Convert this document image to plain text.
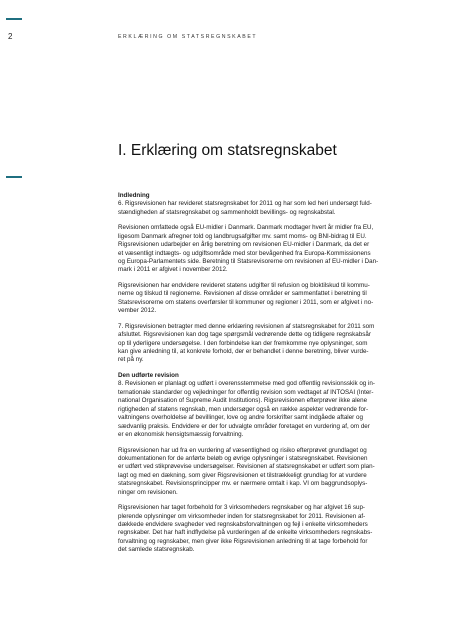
2	ERKLÆRING OM STATSREGNSKABET
I. Erklæring om statsregnskabet

Indledning
6. Rigsrevisionen har revideret statsregnskabet for 2011 og har som led heri undersøgt fuld-
stændigheden af statsregnskabet og sammenholdt bevillings- og regnskabstal.

Revisionen omfattede også EU-midler i Danmark. Danmark modtager hvert år midler fra EU,
ligesom Danmark afregner told og landbrugsafgifter mv. samt moms- og BNI-bidrag til EU.
Rigsrevisionen udarbejder en årlig beretning om revisionen EU-midler i Danmark, da det er
et væsentligt indtægts- og udgiftsområde med stor bevågenhed fra Europa-Kommissionens
og Europa-Parlamentets side. Beretning til Statsrevisorerne om revisionen af EU-midler i Dan-
mark i 2011 er afgivet i november 2012.

Rigsrevisionen har endvidere revideret statens udgifter til refusion og bloktilskud til kommu-
nerne og tilskud til regionerne. Revisionen af disse områder er sammenfattet i beretning til
Statsrevisorerne om statens overførsler til kommuner og regioner i 2011, som er afgivet i no-
vember 2012.

7. Rigsrevisionen betragter med denne erklæring revisionen af statsregnskabet for 2011 som
afsluttet. Rigsrevisionen kan dog tage spørgsmål vedrørende dette og tidligere regnskabsår
op til yderligere undersøgelse. I den forbindelse kan der fremkomme nye oplysninger, som
kan give anledning til, at konkrete forhold, der er behandlet i denne beretning, bliver vurde-
ret på ny.

Den udførte revision
8. Revisionen er planlagt og udført i overensstemmelse med god offentlig revisionsskik og in-
ternationale standarder og vejledninger for offentlig revision som vedtaget af INTOSAI (Inter-
national Organisation of Supreme Audit Institutions). Rigsrevisionen efterprøver ikke alene
rigtigheden af statens regnskab, men undersøger også en række aspekter vedrørende for-
valtningens overholdelse af bevillinger, love og andre forskrifter samt indgåede aftaler og
sædvanlig praksis. Endvidere er der for udvalgte områder foretaget en vurdering af, om der
er en økonomisk hensigtsmæssig forvaltning.

Rigsrevisionen har ud fra en vurdering af væsentlighed og risiko efterprøvet grundlaget og
dokumentationen for de anførte beløb og øvrige oplysninger i statsregnskabet. Revisionen
er udført ved stikprøvevise undersøgelser. Revisionen af statsregnskabet er udført som plan-
lagt og med en dækning, som giver Rigsrevisionen et tilstrækkeligt grundlag for at vurdere
statsregnskabet. Revisionsprincipper mv. er nærmere omtalt i kap. VI om baggrundsoplys-
ninger om revisionen.

Rigsrevisionen har taget forbehold for 3 virksomheders regnskaber og har afgivet 16 sup-
plerende oplysninger om virksomheder inden for statsregnskabet for 2011. Revisionen af-
dækkede endvidere svagheder ved regnskabsforvaltningen og fejl i enkelte virksomheders
regnskaber. Det har haft indflydelse på vurderingen af de enkelte virksomheders regnskabs-
forvaltning og regnskaber, men giver ikke Rigsrevisionen anledning til at tage forbehold for
det samlede statsregnskab.
